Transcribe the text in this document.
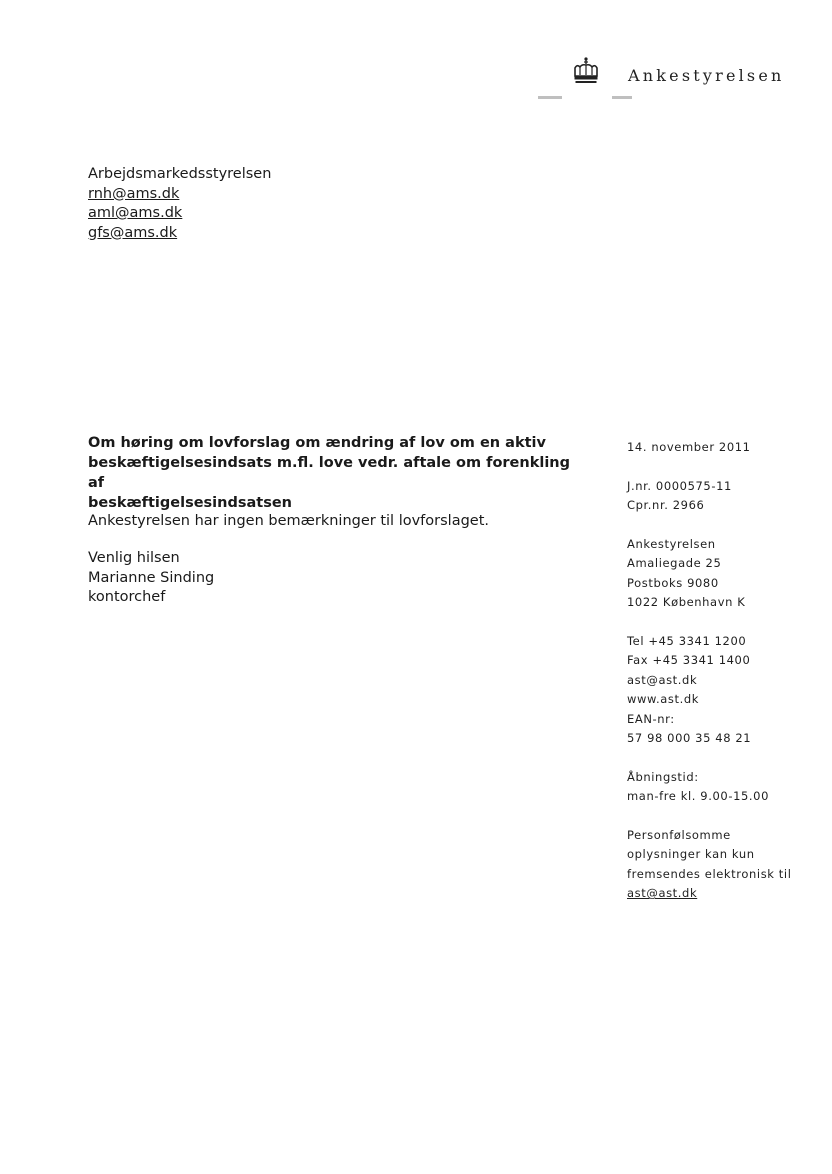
Ankestyrelsen
Arbejdsmarkedsstyrelsen
rnh@ams.dk
aml@ams.dk
gfs@ams.dk
Om høring om lovforslag om ændring af lov om en aktiv
beskæftigelsesindsats m.fl. love vedr. aftale om forenkling af
beskæftigelsesindsatsen
Ankestyrelsen har ingen bemærkninger til lovforslaget.
Venlig hilsen
Marianne Sinding
kontorchef
14. november 2011
J.nr. 0000575-11
Cpr.nr. 2966
Ankestyrelsen
Amaliegade 25
Postboks 9080
1022 København K
Tel +45 3341 1200
Fax +45 3341 1400
ast@ast.dk
www.ast.dk
EAN-nr:
57 98 000 35 48 21
Åbningstid:
man-fre kl. 9.00-15.00
Personfølsomme
oplysninger kan kun
fremsendes elektronisk til
ast@ast.dk
